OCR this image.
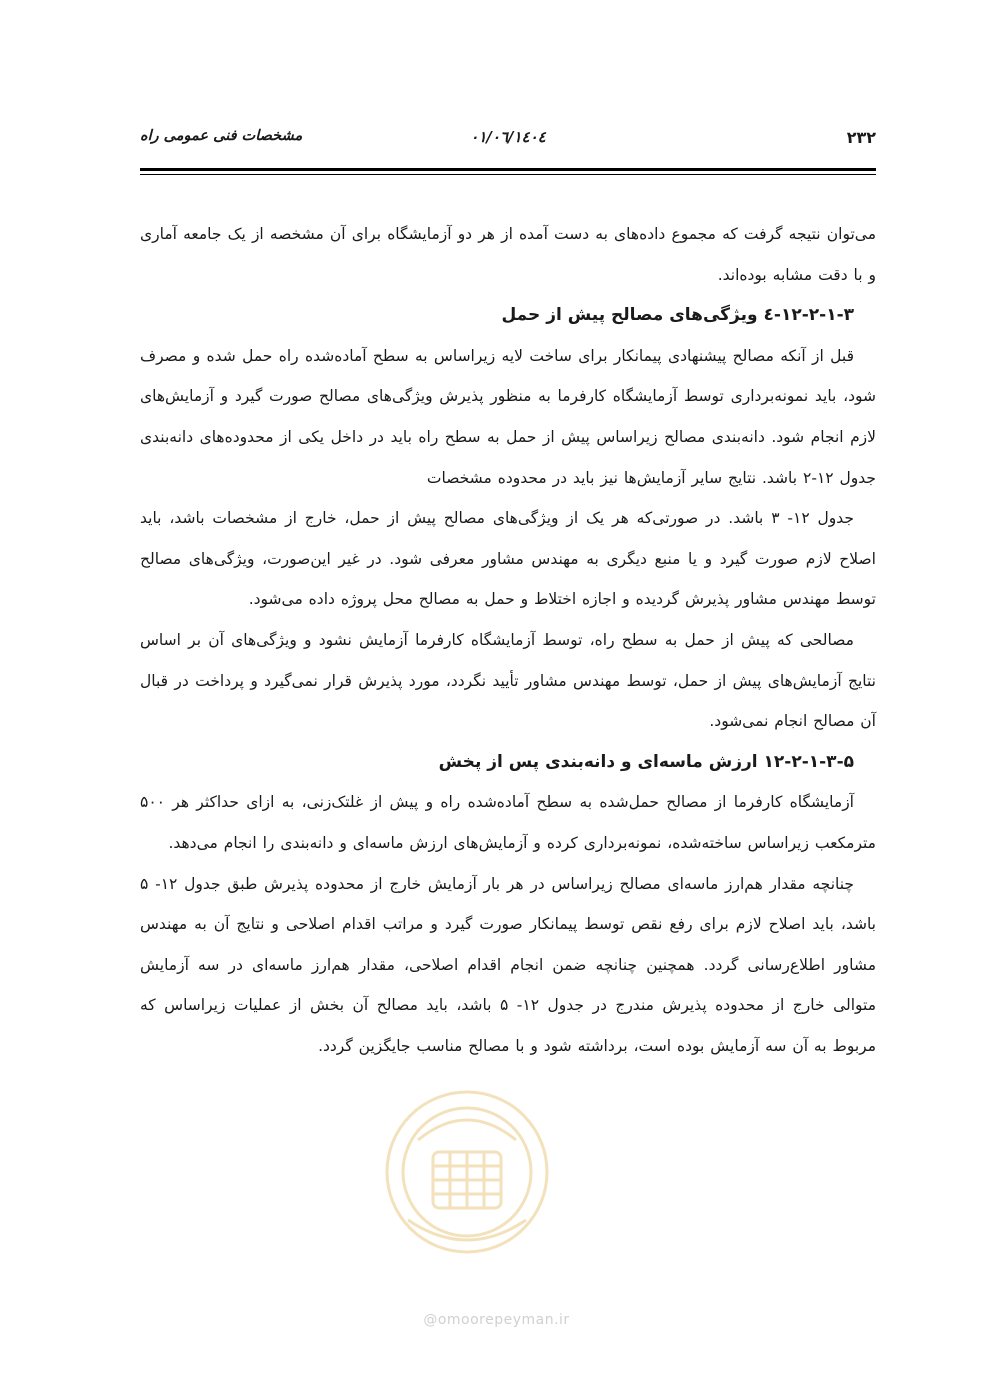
۲۳۲
۱٤۰٤/۰٦/۰۱
مشخصات فنی عمومی راه

می‌توان نتیجه گرفت که مجموع داده‌های به دست آمده از هر دو آزمایشگاه برای آن مشخصه از یک جامعه آماری و با دقت مشابه بوده‌اند.

۱۲-۲-۱-۳-٤ ویژگی‌های مصالح پیش از حمل

قبل از آنکه مصالح پیشنهادی پیمانکار برای ساخت لایه زیراساس به سطح آماده‌شده راه حمل شده و مصرف شود، باید نمونه‌برداری توسط آزمایشگاه کارفرما به منظور پذیرش ویژگی‌های مصالح صورت گیرد و آزمایش‌های لازم انجام شود. دانه‌بندی مصالح زیراساس پیش از حمل به سطح راه باید در داخل یکی از محدوده‌های دانه‌بندی جدول ۱۲-۲ باشد. نتایج سایر آزمایش‌ها نیز باید در محدوده مشخصات

جدول ۱۲- ۳ باشد. در صورتی‌که هر یک از ویژگی‌های مصالح پیش از حمل، خارج از مشخصات باشد، باید اصلاح لازم صورت گیرد و یا منبع دیگری به مهندس مشاور معرفی شود. در غیر این‌صورت، ویژگی‌های مصالح توسط مهندس مشاور پذیرش گردیده و اجازه اختلاط و حمل به مصالح محل پروژه داده می‌شود.

مصالحی که پیش از حمل به سطح راه، توسط آزمایشگاه کارفرما آزمایش نشود و ویژگی‌های آن بر اساس نتایج آزمایش‌های پیش از حمل، توسط مهندس مشاور تأیید نگردد، مورد پذیرش قرار نمی‌گیرد و پرداخت در قبال آن مصالح انجام نمی‌شود.

۱۲-۲-۱-۳-۵ ارزش ماسه‌ای و دانه‌بندی پس از پخش

آزمایشگاه کارفرما از مصالح حمل‌شده به سطح آماده‌شده راه و پیش از غلتک‌زنی، به ازای حداکثر هر ۵۰۰ مترمکعب زیراساس ساخته‌شده، نمونه‌برداری کرده و آزمایش‌های ارزش ماسه‌ای و دانه‌بندی را انجام می‌دهد.

چنانچه مقدار هم‌ارز ماسه‌ای مصالح زیراساس در هر بار آزمایش خارج از محدوده پذیرش طبق جدول ۱۲- ۵ باشد، باید اصلاح لازم برای رفع نقص توسط پیمانکار صورت گیرد و مراتب اقدام اصلاحی و نتایج آن به مهندس مشاور اطلاع‌رسانی گردد. همچنین چنانچه ضمن انجام اقدام اصلاحی، مقدار هم‌ارز ماسه‌ای در سه آزمایش متوالی خارج از محدوده پذیرش مندرج در جدول ۱۲- ۵ باشد، باید مصالح آن بخش از عملیات زیراساس که مربوط به آن سه آزمایش بوده است، برداشته شود و با مصالح مناسب جایگزین گردد.

@omoorepeyman.ir
